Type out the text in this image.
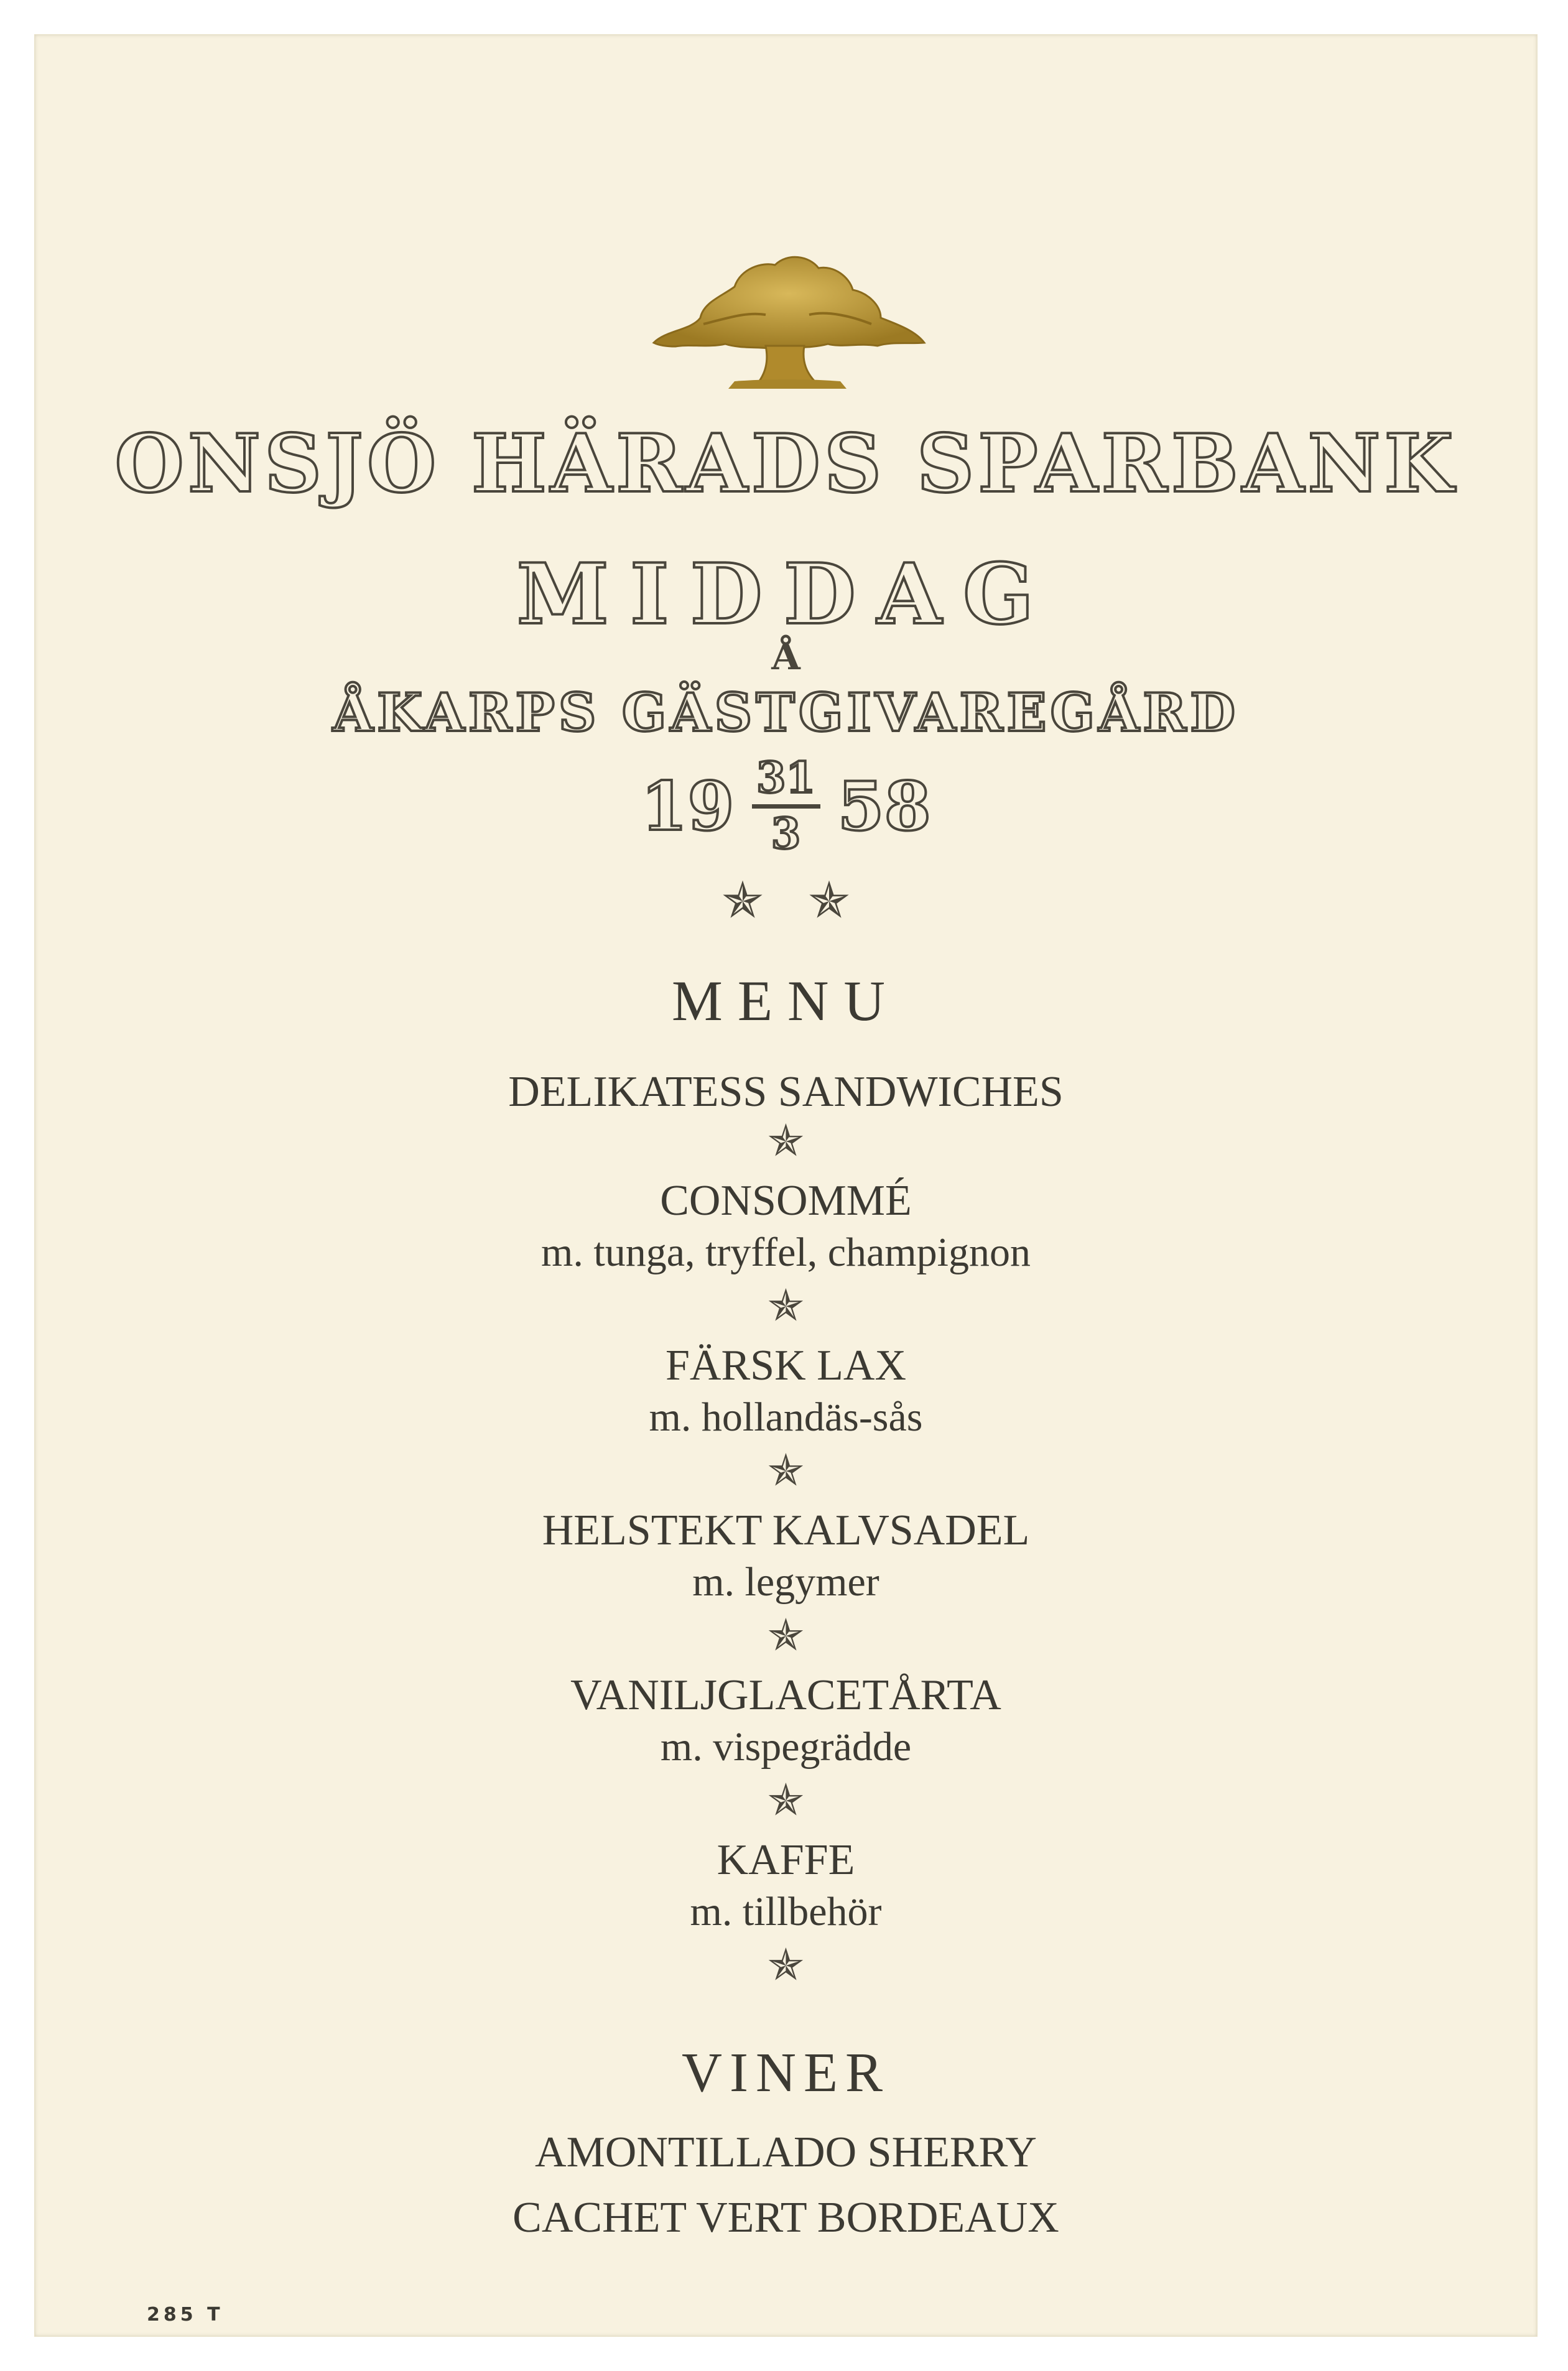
ONSJÖ HÄRADS SPARBANK
MIDDAG
Å
ÅKARPS GÄSTGIVAREGÅRD
19 31
3 58
✯ ✯
MENU
DELIKATESS SANDWICHES
✯
CONSOMMÉ
m. tunga, tryffel, champignon
✯
FÄRSK LAX
m. hollandäs-sås
✯
HELSTEKT KALVSADEL
m. legymer
✯
VANILJGLACETÅRTA
m. vispegrädde
✯
KAFFE
m. tillbehör
✯
VINER
AMONTILLADO SHERRY
CACHET VERT BORDEAUX
285 T
